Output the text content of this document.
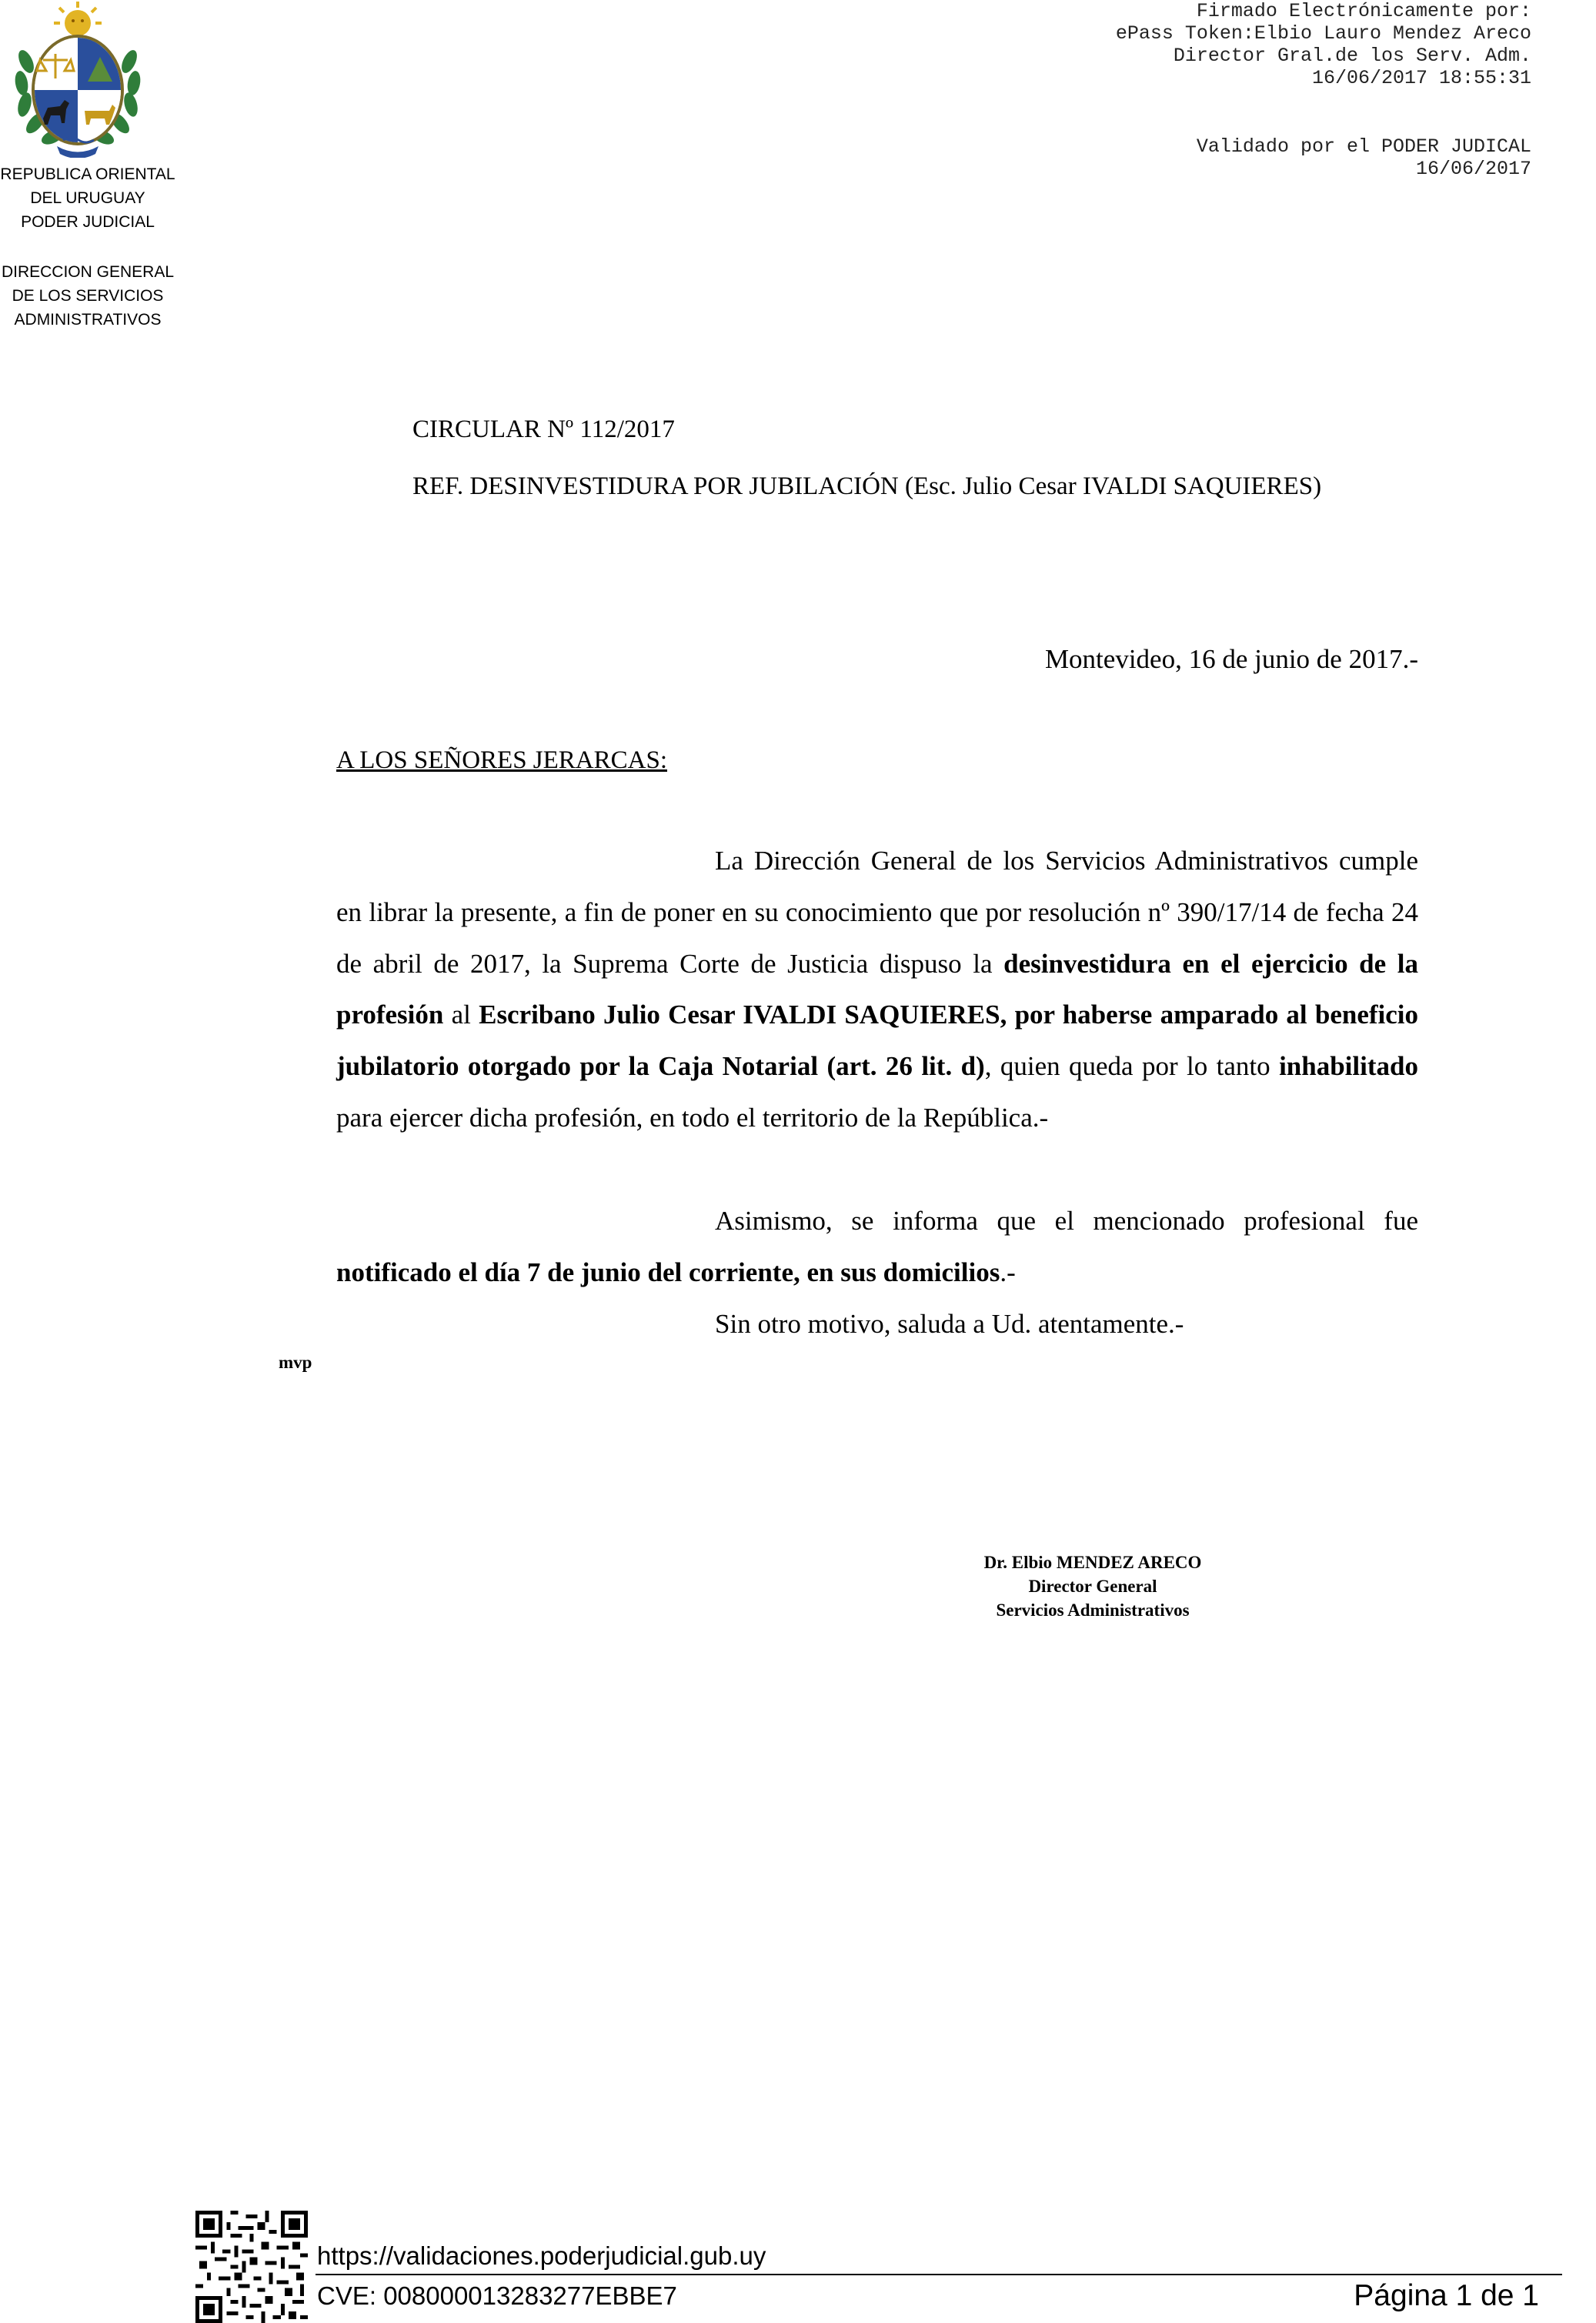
REPUBLICA ORIENTAL
DEL URUGUAY
PODER JUDICIAL
DIRECCION GENERAL
DE LOS SERVICIOS
ADMINISTRATIVOS
Firmado Electrónicamente por:
ePass Token:Elbio Lauro Mendez Areco
Director Gral.de los Serv. Adm.
16/06/2017 18:55:31
Validado por el PODER JUDICAL
16/06/2017
CIRCULAR Nº 112/2017
REF. DESINVESTIDURA POR JUBILACIÓN (Esc. Julio Cesar IVALDI SAQUIERES)
Montevideo, 16 de junio de 2017.-
A LOS SEÑORES JERARCAS:

La Dirección General de los Servicios Administrativos cumple en librar la presente, a fin de poner en su conocimiento que por resolución nº 390/17/14 de fecha 24 de abril de 2017, la Suprema Corte de Justicia dispuso la desinvestidura en el ejercicio de la profesión al Escribano Julio Cesar IVALDI SAQUIERES, por haberse amparado al beneficio jubilatorio otorgado por la Caja Notarial (art. 26 lit. d), quien queda por lo tanto inhabilitado para ejercer dicha profesión, en todo el territorio de la República.-

Asimismo, se informa que el mencionado profesional fue notificado el día 7 de junio del corriente, en sus domicilios.-

Sin otro motivo, saluda a Ud. atentamente.-

mvp
Dr. Elbio MENDEZ ARECO
Director General
Servicios Administrativos
https://validaciones.poderjudicial.gub.uy
CVE: 008000013283277EBBE7	Página 1 de 1
